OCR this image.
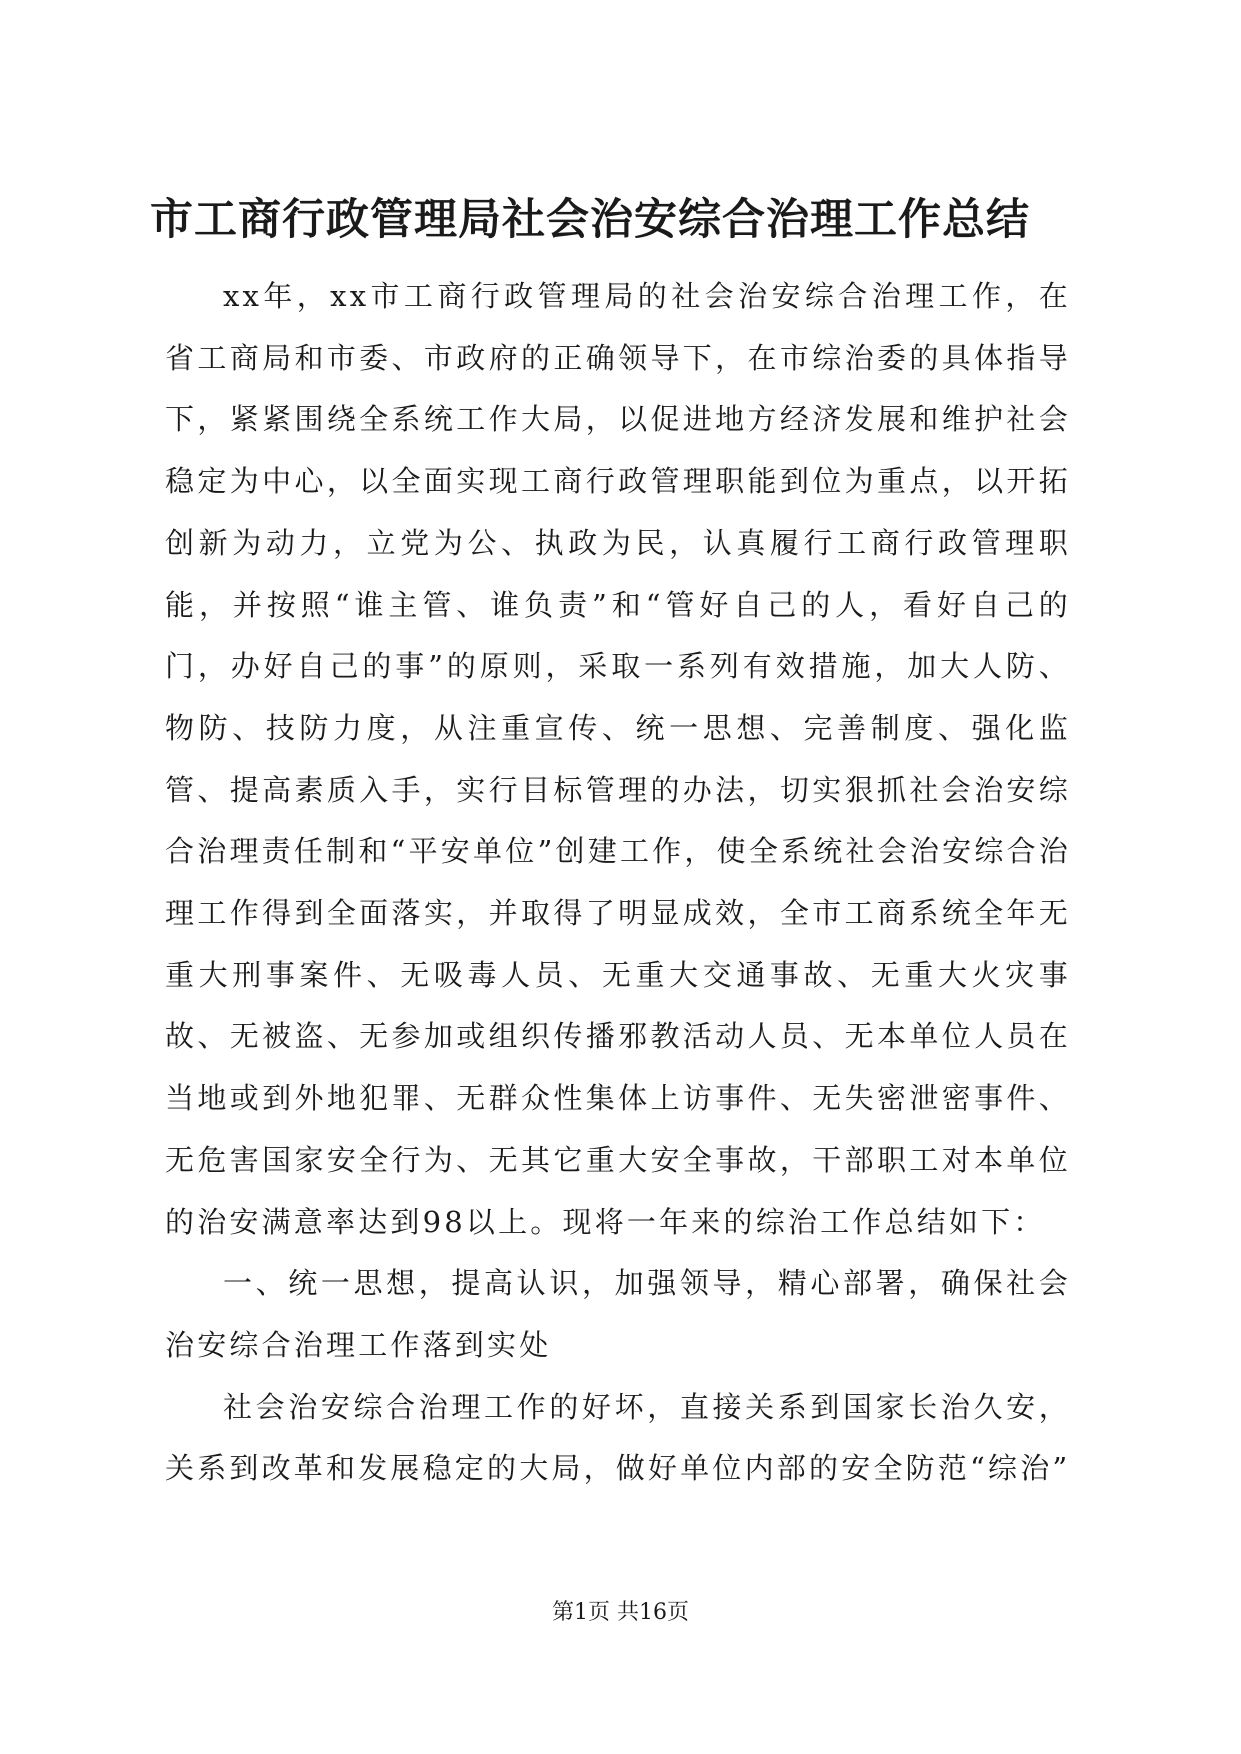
市工商行政管理局社会治安综合治理工作总结

xx年，xx市工商行政管理局的社会治安综合治理工作，在省工商局和市委、市政府的正确领导下，在市综治委的具体指导下，紧紧围绕全系统工作大局，以促进地方经济发展和维护社会稳定为中心，以全面实现工商行政管理职能到位为重点，以开拓创新为动力，立党为公、执政为民，认真履行工商行政管理职能，并按照“谁主管、谁负责”和“管好自己的人，看好自己的门，办好自己的事”的原则，采取一系列有效措施，加大人防、物防、技防力度，从注重宣传、统一思想、完善制度、强化监管、提高素质入手，实行目标管理的办法，切实狠抓社会治安综合治理责任制和“平安单位”创建工作，使全系统社会治安综合治理工作得到全面落实，并取得了明显成效，全市工商系统全年无重大刑事案件、无吸毒人员、无重大交通事故、无重大火灾事故、无被盗、无参加或组织传播邪教活动人员、无本单位人员在当地或到外地犯罪、无群众性集体上访事件、无失密泄密事件、无危害国家安全行为、无其它重大安全事故，干部职工对本单位的治安满意率达到98以上。现将一年来的综治工作总结如下：

一、统一思想，提高认识，加强领导，精心部署，确保社会治安综合治理工作落到实处

社会治安综合治理工作的好坏，直接关系到国家长治久安，关系到改革和发展稳定的大局，做好单位内部的安全防范“综治”

第1页 共16页
